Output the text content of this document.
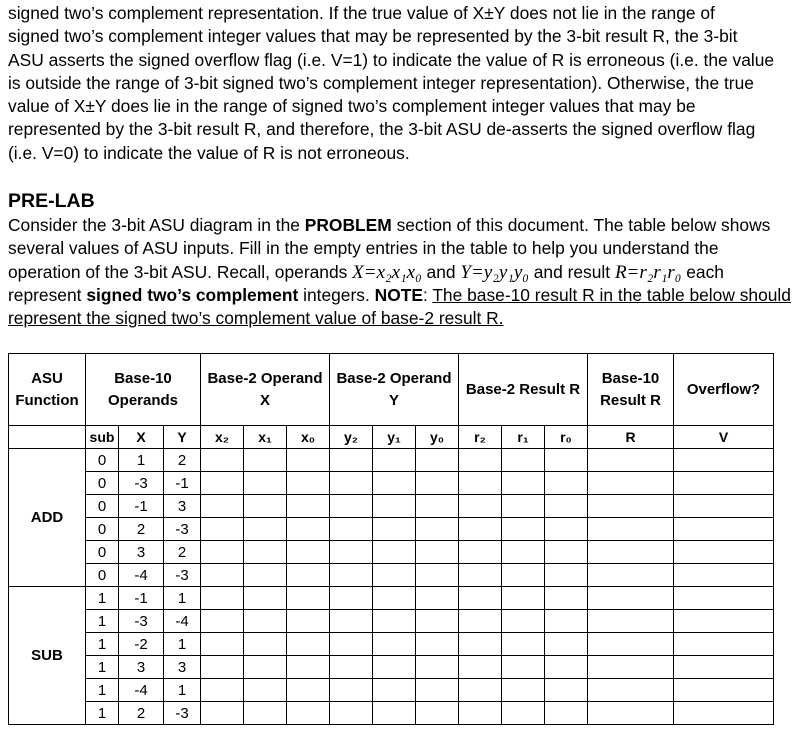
signed two’s complement representation. If the true value of X±Y does not lie in the range of
signed two’s complement integer values that may be represented by the 3-bit result R, the 3-bit
ASU asserts the signed overflow flag (i.e. V=1) to indicate the value of R is erroneous (i.e. the value
is outside the range of 3-bit signed two’s complement integer representation). Otherwise, the true
value of X±Y does lie in the range of signed two’s complement integer values that may be
represented by the 3-bit result R, and therefore, the 3-bit ASU de-asserts the signed overflow flag
(i.e. V=0) to indicate the value of R is not erroneous.
PRE-LAB
Consider the 3-bit ASU diagram in the PROBLEM section of this document. The table below shows
several values of ASU inputs. Fill in the empty entries in the table to help you understand the
operation of the 3-bit ASU. Recall, operands X=x₂x₁x₀ and Y=y₂y₁y₀ and result R=r₂r₁r₀ each
represent signed two’s complement integers. NOTE: The base-10 result R in the table below should
represent the signed two’s complement value of base-2 result R.
ASU Function	Base-10 Operands			Base-2 Operand X			Base-2 Operand Y			Base-2 Result R			Base-10 Result R	Overflow?
	sub	X	Y	x₂	x₁	x₀	y₂	y₁	y₀	r₂	r₁	r₀	R	V
ADD	0	1	2											
	0	-3	-1											
	0	-1	3											
	0	2	-3											
	0	3	2											
	0	-4	-3											
SUB	1	-1	1											
	1	-3	-4											
	1	-2	1											
	1	3	3											
	1	-4	1											
	1	2	-3											
